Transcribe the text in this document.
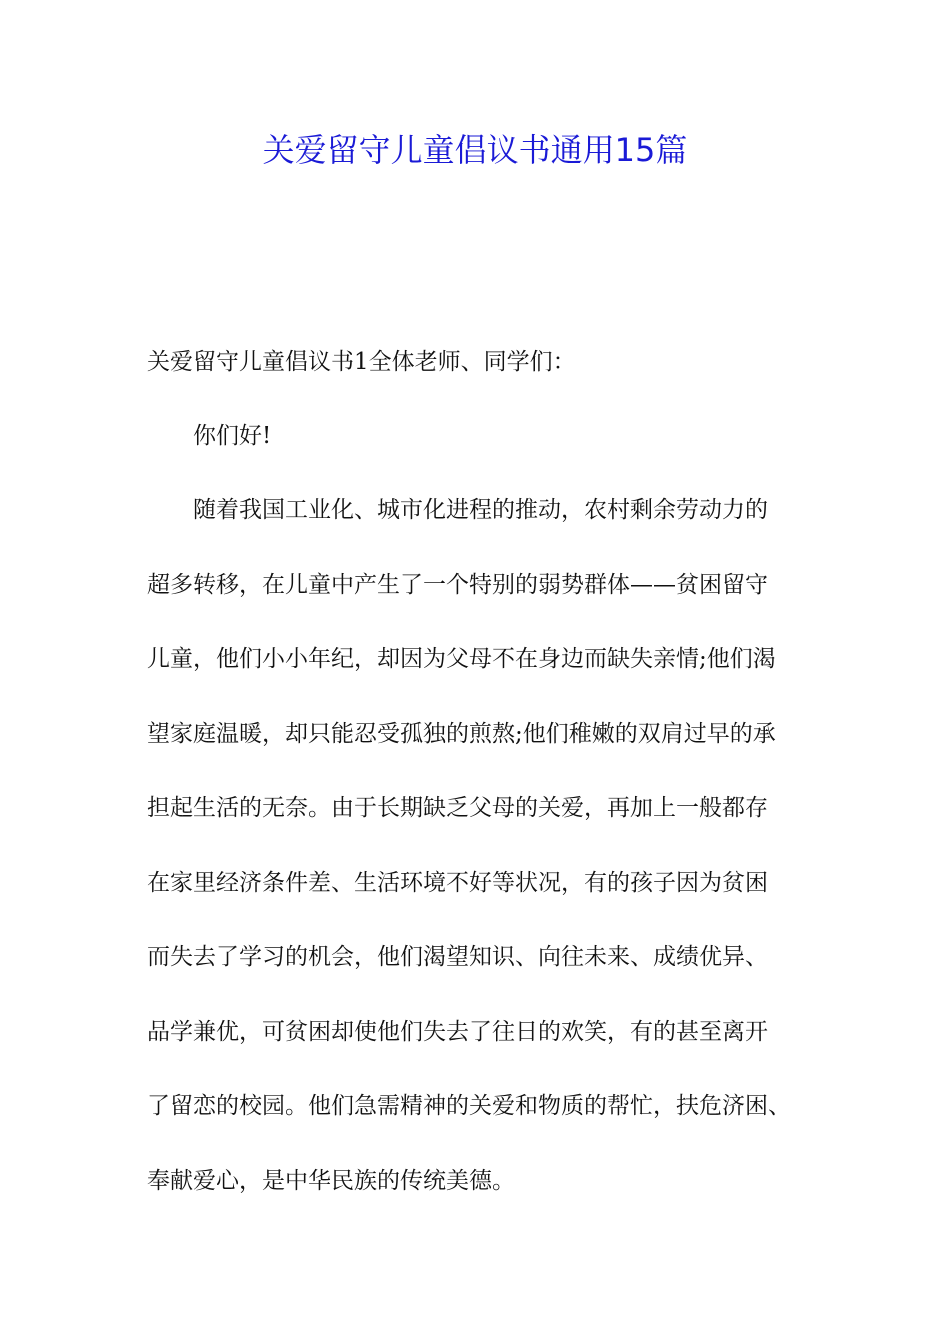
关爱留守儿童倡议书通用15篇
关爱留守儿童倡议书1全体老师、同学们：
你们好!
随着我国工业化、城市化进程的推动，农村剩余劳动力的
超多转移，在儿童中产生了一个特别的弱势群体——贫困留守
儿童，他们小小年纪，却因为父母不在身边而缺失亲情;他们渴
望家庭温暖，却只能忍受孤独的煎熬;他们稚嫩的双肩过早的承
担起生活的无奈。由于长期缺乏父母的关爱，再加上一般都存
在家里经济条件差、生活环境不好等状况，有的孩子因为贫困
而失去了学习的机会，他们渴望知识、向往未来、成绩优异、
品学兼优，可贫困却使他们失去了往日的欢笑，有的甚至离开
了留恋的校园。他们急需精神的关爱和物质的帮忙，扶危济困、
奉献爱心，是中华民族的传统美德。
